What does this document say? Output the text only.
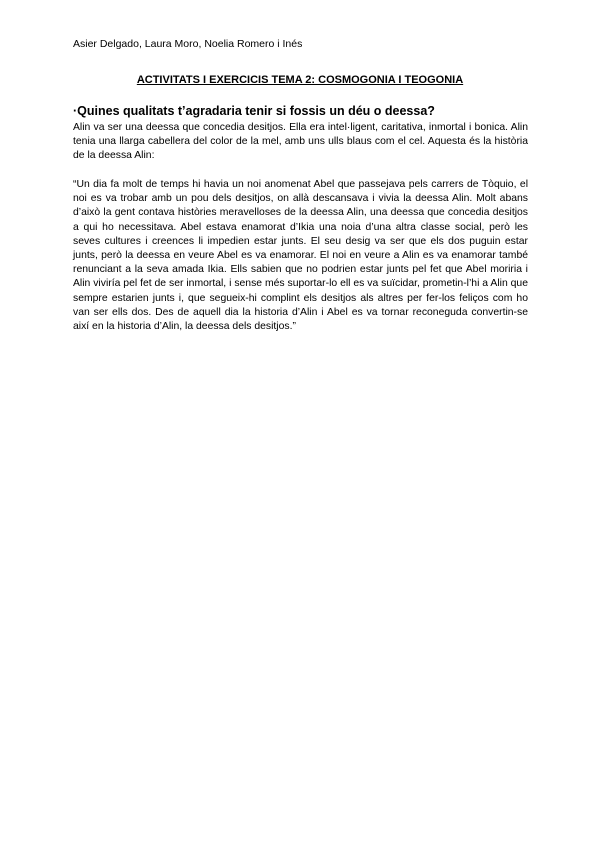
Asier Delgado, Laura Moro, Noelia Romero i Inés
ACTIVITATS I EXERCICIS TEMA 2: COSMOGONIA I TEOGONIA
·Quines qualitats t’agradaria tenir si fossis un déu o deessa?

Alin va ser una deessa que concedia desitjos. Ella era intel·ligent, caritativa, inmortal i bonica. Alin tenia una llarga cabellera del color de la mel, amb uns ulls blaus com el cel. Aquesta és la història de la deessa Alin:

“Un dia fa molt de temps hi havia un noi anomenat Abel que passejava pels carrers de Tòquio, el noi es va trobar amb un pou dels desitjos, on allà descansava i vivia la deessa Alin. Molt abans d’això la gent contava històries meravelloses de la deessa Alin, una deessa que concedia desitjos a qui ho necessitava. Abel estava enamorat d’Ikia una noia d’una altra classe social, però les seves cultures i creences li impedien estar junts. El seu desig va ser que els dos puguin estar junts, però la deessa en veure Abel es va enamorar. El noi en veure a Alin es va enamorar també renunciant a la seva amada Ikia. Ells sabien que no podrien estar junts pel fet que Abel moriria i Alin viviría pel fet de ser inmortal, i sense més suportar-lo ell es va suïcidar, prometin-l’hi a Alin que sempre estarien junts i, que segueix-hi complint els desitjos als altres per fer-los feliços com ho van ser ells dos. Des de aquell dia la historia d’Alin i Abel es va tornar reconeguda convertin-se així en la historia d’Alin, la deessa dels desitjos.”
